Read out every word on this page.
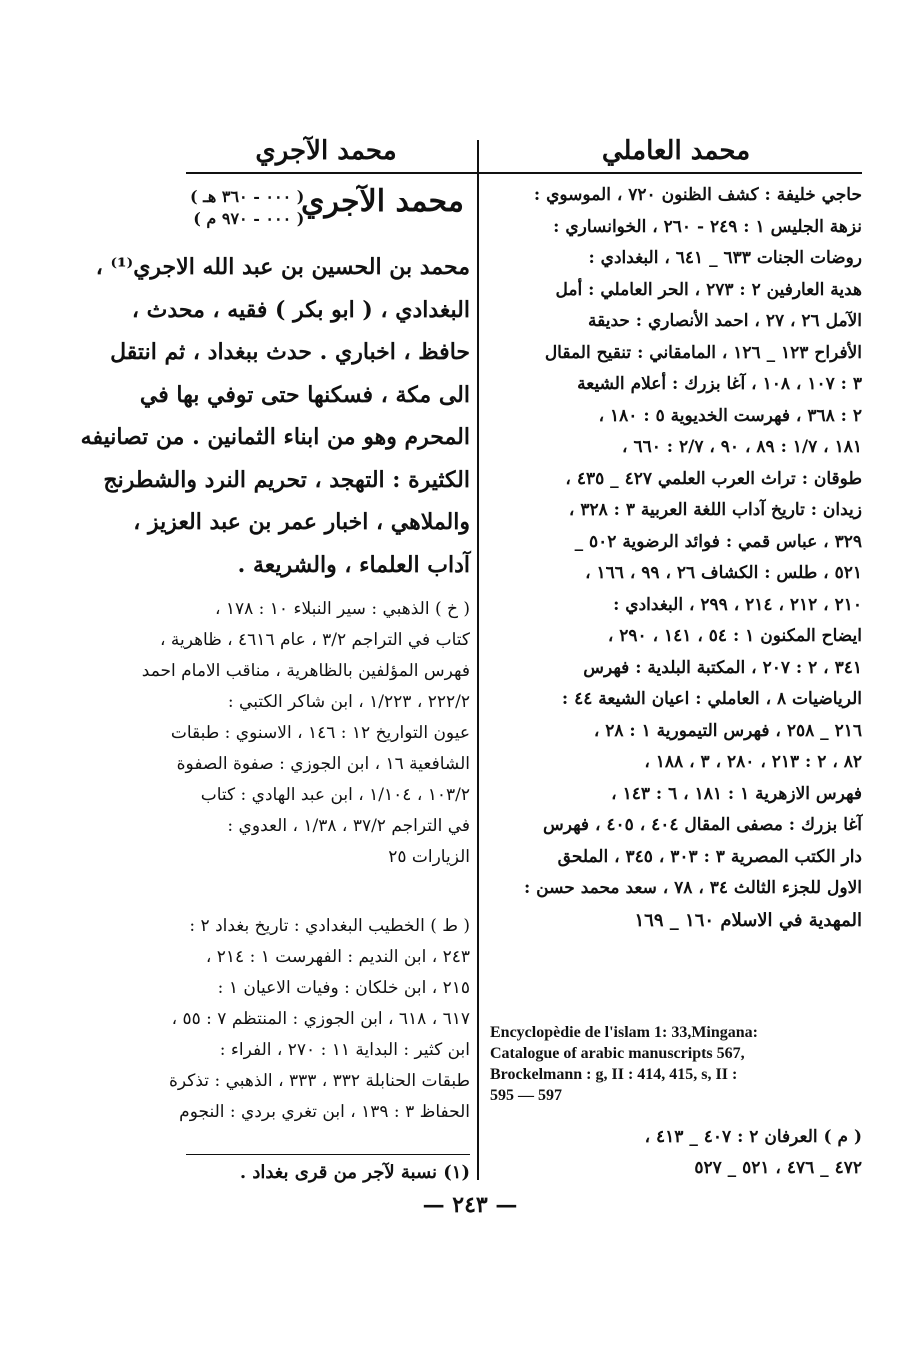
محمد العاملي
محمد الآجري
حاجي خليفة : كشف الظنون ٧٢٠ ، الموسوي :
نزهة الجليس ١ : ٢٤٩ - ٢٦٠ ، الخوانساري :
روضات الجنات ٦٣٣ _ ٦٤١ ، البغدادي :
هدية العارفين ٢ : ٢٧٣ ، الحر العاملي : أمل
الآمل ٢٦ ، ٢٧ ، احمد الأنصاري : حديقة
الأفراح ١٢٣ _ ١٢٦ ، المامقاني : تنقيح المقال
٣ : ١٠٧ ، ١٠٨ ، آغا بزرك : أعلام الشيعة
٢ : ٣٦٨ ، فهرست الخديوية ٥ : ١٨٠ ،
١٨١ ، ١/٧ : ٨٩ ، ٩٠ ، ٢/٧ : ٦٦٠ ،
طوقان : تراث العرب العلمي ٤٢٧ _ ٤٣٥ ،
زيدان : تاريخ آداب اللغة العربية ٣ : ٣٢٨ ،
٣٢٩ ، عباس قمي : فوائد الرضوية ٥٠٢ _
٥٢١ ، طلس : الكشاف ٢٦ ، ٩٩ ، ١٦٦ ،
٢١٠ ، ٢١٢ ، ٢١٤ ، ٢٩٩ ، البغدادي :
ايضاح المكنون ١ : ٥٤ ، ١٤١ ، ٢٩٠ ،
٣٤١ ، ٢ : ٢٠٧ ، المكتبة البلدية : فهرس
الرياضيات ٨ ، العاملي : اعيان الشيعة ٤٤ :
٢١٦ _ ٢٥٨ ، فهرس التيمورية ١ : ٢٨ ،
٨٢ ، ٢ : ٢١٣ ، ٢٨٠ ، ٣ ، ١٨٨ ،
فهرس الازهرية ١ : ١٨١ ، ٦ : ١٤٣ ،
آغا بزرك : مصفى المقال ٤٠٤ ، ٤٠٥ ، فهرس
دار الكتب المصرية ٣ : ٣٠٣ ، ٣٤٥ ، الملحق
الاول للجزء الثالث ٣٤ ، ٧٨ ، سعد محمد حسن :
المهدية في الاسلام ١٦٠ _ ١٦٩
Encyclopèdie de l'islam 1: 33,Mingana:
Catalogue of arabic manuscripts 567,
Brockelmann : g, II : 414, 415, s, II :
595 — 597
( م ) العرفان ٢ : ٤٠٧ _ ٤١٣ ،
٤٧٢ _ ٤٧٦ ، ٥٢١ _ ٥٢٧
محمد الآجري
( ٠٠٠ - ٣٦٠ هـ )
( ٠٠٠ - ٩٧٠ م )
محمد بن الحسين بن عبد الله الاجري⁽¹⁾ ،
البغدادي ، ( ابو بكر ) فقيه ، محدث ،
حافظ ، اخباري . حدث ببغداد ، ثم انتقل
الى مكة ، فسكنها حتى توفي بها في
المحرم وهو من ابناء الثمانين . من تصانيفه
الكثيرة : التهجد ، تحريم النرد والشطرنج
والملاهي ، اخبار عمر بن عبد العزيز ،
آداب العلماء ، والشريعة .
( خ ) الذهبي : سير النبلاء ١٠ : ١٧٨ ،
كتاب في التراجم ٣/٢ ، عام ٤٦١٦ ، ظاهرية ،
فهرس المؤلفين بالظاهرية ، مناقب الامام احمد
٢٢٢/٢ ، ١/٢٢٣ ، ابن شاكر الكتبي :
عيون التواريخ ١٢ : ١٤٦ ، الاسنوي : طبقات
الشافعية ١٦ ، ابن الجوزي : صفوة الصفوة
١٠٣/٢ ، ١/١٠٤ ، ابن عبد الهادي : كتاب
في التراجم ٣٧/٢ ، ١/٣٨ ، العدوي :
الزيارات ٢٥
( ط ) الخطيب البغدادي : تاريخ بغداد ٢ :
٢٤٣ ، ابن النديم : الفهرست ١ : ٢١٤ ،
٢١٥ ، ابن خلكان : وفيات الاعيان ١ :
٦١٧ ، ٦١٨ ، ابن الجوزي : المنتظم ٧ : ٥٥ ،
ابن كثير : البداية ١١ : ٢٧٠ ، الفراء :
طبقات الحنابلة ٣٣٢ ، ٣٣٣ ، الذهبي : تذكرة
الحفاظ ٣ : ١٣٩ ، ابن تغري بردي : النجوم
(١) نسبة لآجر من قرى بغداد .
— ٢٤٣ —
